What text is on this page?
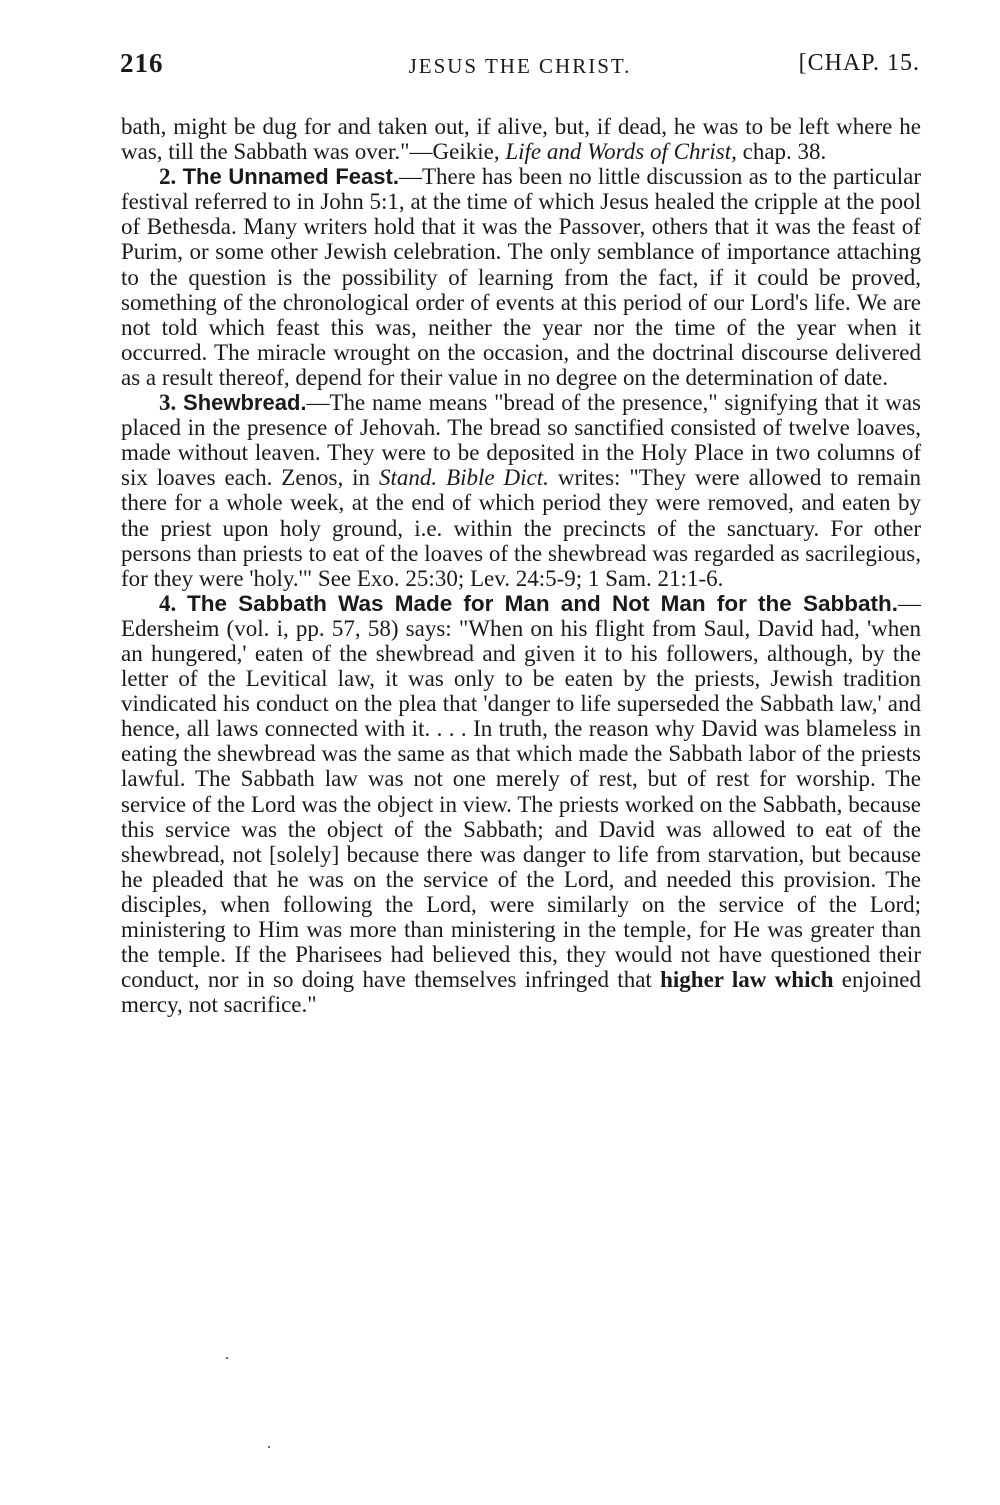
216	JESUS THE CHRIST.	[CHAP. 15.

bath, might be dug for and taken out, if alive, but, if dead, he was to be left where he was, till the Sabbath was over."—Geikie, Life and Words of Christ, chap. 38.

2. The Unnamed Feast.—There has been no little discussion as to the particular festival referred to in John 5:1, at the time of which Jesus healed the cripple at the pool of Bethesda. Many writers hold that it was the Passover, others that it was the feast of Purim, or some other Jewish celebration. The only semblance of importance attaching to the question is the possibility of learning from the fact, if it could be proved, something of the chronological order of events at this period of our Lord's life. We are not told which feast this was, neither the year nor the time of the year when it occurred. The miracle wrought on the occasion, and the doctrinal discourse delivered as a result thereof, depend for their value in no degree on the determination of date.

3. Shewbread.—The name means "bread of the presence," signifying that it was placed in the presence of Jehovah. The bread so sanctified consisted of twelve loaves, made without leaven. They were to be deposited in the Holy Place in two columns of six loaves each. Zenos, in Stand. Bible Dict. writes: "They were allowed to remain there for a whole week, at the end of which period they were removed, and eaten by the priest upon holy ground, i.e. within the precincts of the sanctuary. For other persons than priests to eat of the loaves of the shewbread was regarded as sacrilegious, for they were 'holy.'" See Exo. 25:30; Lev. 24:5-9; 1 Sam. 21:1-6.

4. The Sabbath Was Made for Man and Not Man for the Sabbath.—Edersheim (vol. i, pp. 57, 58) says: "When on his flight from Saul, David had, 'when an hungered,' eaten of the shewbread and given it to his followers, although, by the letter of the Levitical law, it was only to be eaten by the priests, Jewish tradition vindicated his conduct on the plea that 'danger to life superseded the Sabbath law,' and hence, all laws connected with it. . . . In truth, the reason why David was blameless in eating the shewbread was the same as that which made the Sabbath labor of the priests lawful. The Sabbath law was not one merely of rest, but of rest for worship. The service of the Lord was the object in view. The priests worked on the Sabbath, because this service was the object of the Sabbath; and David was allowed to eat of the shewbread, not [solely] because there was danger to life from starvation, but because he pleaded that he was on the service of the Lord, and needed this provision. The disciples, when following the Lord, were similarly on the service of the Lord; ministering to Him was more than ministering in the temple, for He was greater than the temple. If the Pharisees had believed this, they would not have questioned their conduct, nor in so doing have themselves infringed that higher law which enjoined mercy, not sacrifice."
